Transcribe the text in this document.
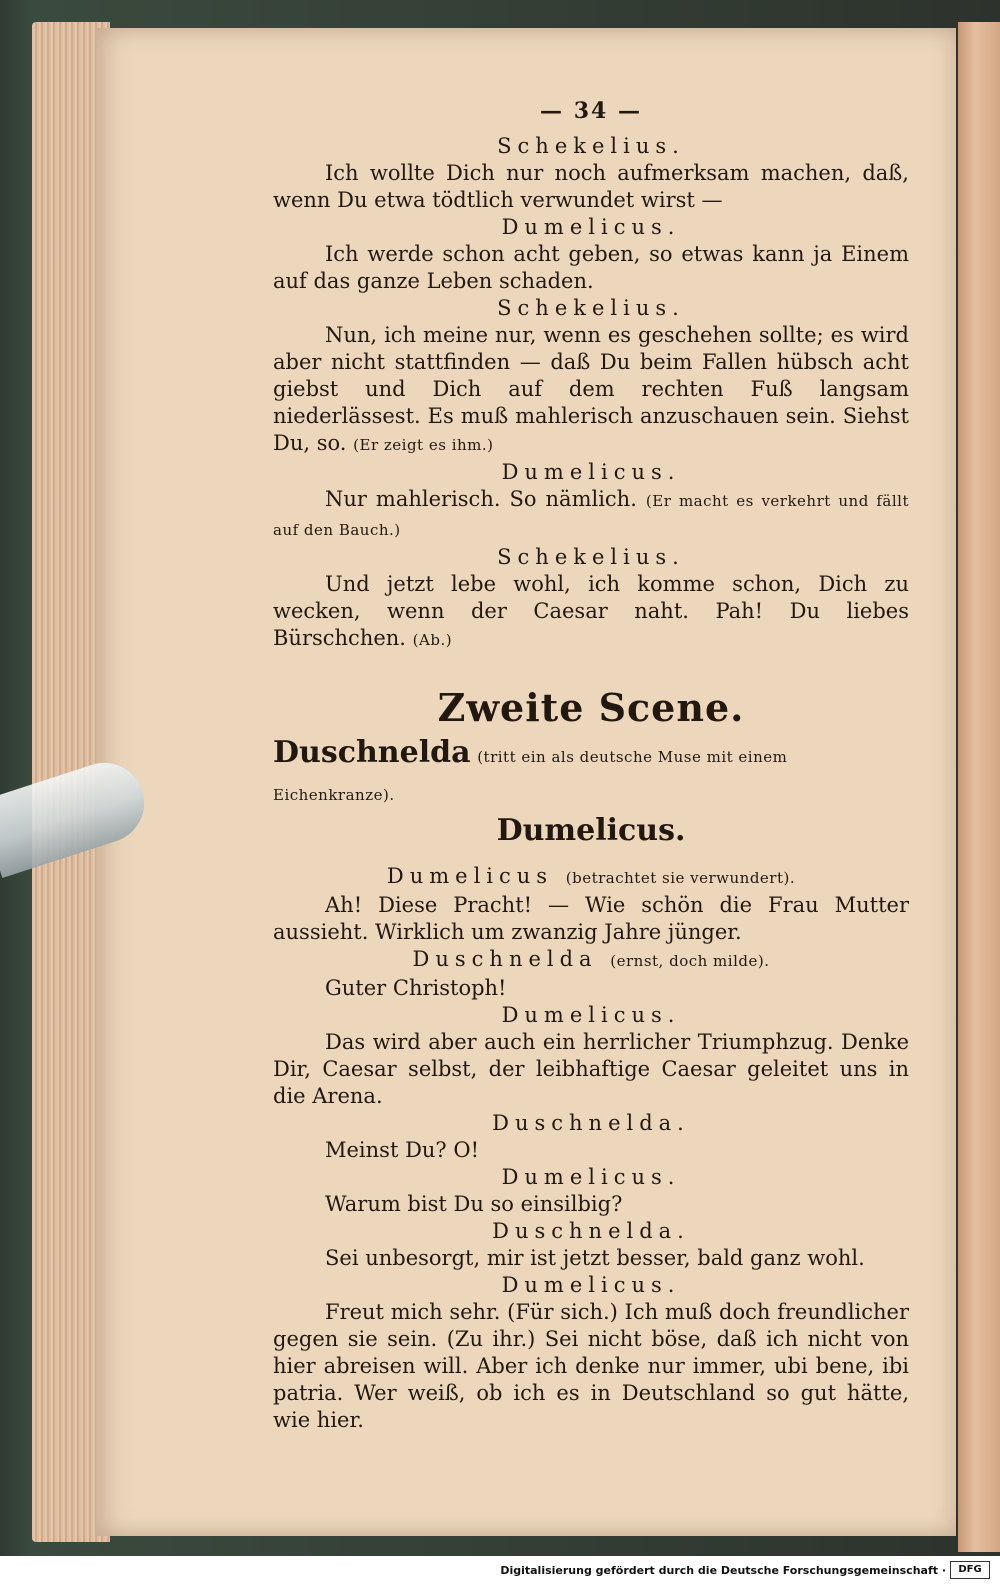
— 34 —
Schekelius.

Ich wollte Dich nur noch aufmerksam machen, daß, wenn Du etwa tödtlich verwundet wirst —

Dumelicus.

Ich werde schon acht geben, so etwas kann ja Einem auf das ganze Leben schaden.

Schekelius.

Nun, ich meine nur, wenn es geschehen sollte; es wird aber nicht stattfinden — daß Du beim Fallen hübsch acht giebst und Dich auf dem rechten Fuß langsam niederlässest. Es muß mahlerisch anzuschauen sein. Siehst Du, so. (Er zeigt es ihm.)

Dumelicus.

Nur mahlerisch. So nämlich. (Er macht es verkehrt und fällt auf den Bauch.)

Schekelius.

Und jetzt lebe wohl, ich komme schon, Dich zu wecken, wenn der Caesar naht. Pah! Du liebes Bürschchen. (Ab.)

Zweite Scene.

Duschnelda (tritt ein als deutsche Muse mit einem Eichenkranze).

Dumelicus.

Dumelicus (betrachtet sie verwundert).

Ah! Diese Pracht! — Wie schön die Frau Mutter aussieht. Wirklich um zwanzig Jahre jünger.

Duschnelda (ernst, doch milde).

Guter Christoph!

Dumelicus.

Das wird aber auch ein herrlicher Triumphzug. Denke Dir, Caesar selbst, der leibhaftige Caesar geleitet uns in die Arena.

Duschnelda.

Meinst Du? O!

Dumelicus.

Warum bist Du so einsilbig?

Duschnelda.

Sei unbesorgt, mir ist jetzt besser, bald ganz wohl.

Dumelicus.

Freut mich sehr. (Für sich.) Ich muß doch freundlicher gegen sie sein. (Zu ihr.) Sei nicht böse, daß ich nicht von hier abreisen will. Aber ich denke nur immer, ubi bene, ibi patria. Wer weiß, ob ich es in Deutschland so gut hätte, wie hier.

Digitalisierung gefördert durch die Deutsche Forschungsgemeinschaft ·	DFG
